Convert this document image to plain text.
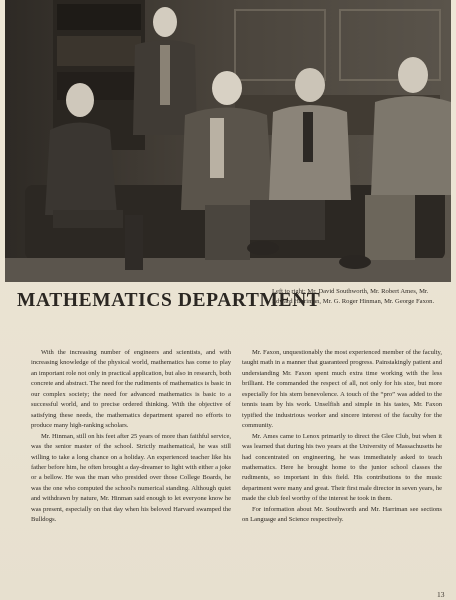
MATHEMATICS DEPARTMENT
Left to right: Mr. David Southworth, Mr. Robert Ames, Mr. Edward Harriman, Mr. G. Roger Hinman, Mr. George Faxon.

With the increasing number of engineers and scientists, and with increasing knowledge of the physical world, mathematics has come to play an important role not only in practical application, but also in research, both concrete and abstract. The need for the rudiments of mathematics is basic in our complex society; the need for advanced mathematics is basic to a successful world, and to precise ordered thinking. With the objective of satisfying these needs, the mathematics department spared no efforts to produce many high-ranking scholars.

Mr. Hinman, still on his feet after 25 years of more than faithful service, was the senior master of the school. Strictly mathematical, he was still willing to take a long chance on a holiday. An experienced teacher like his father before him, he often brought a day-dreamer to light with either a joke or a bellow. He was the man who presided over those College Boards, he was the one who computed the school's numerical standing. Although quiet and withdrawn by nature, Mr. Hinman said enough to let everyone know he was present, especially on that day when his beloved Harvard swamped the Bulldogs.

Mr. Faxon, unquestionably the most experienced member of the faculty, taught math in a manner that guaranteed progress. Painstakingly patient and understanding Mr. Faxon spent much extra time working with the less brilliant. He commanded the respect of all, not only for his size, but more especially for his stern benevolence. A touch of the “pro” was added to the tennis team by his work. Unselfish and simple in his tastes, Mr. Faxon typified the industrious worker and sincere interest of the faculty for the community.

Mr. Ames came to Lenox primarily to direct the Glee Club, but when it was learned that during his two years at the University of Massachusetts he had concentrated on engineering, he was immediately asked to teach mathematics. Here he brought home to the junior school classes the rudiments, so important in this field. His contributions to the music department were many and great. Their first male director in seven years, he made the club feel worthy of the interest he took in them.

For information about Mr. Southworth and Mr. Harriman see sections on Language and Science respectively.

13
